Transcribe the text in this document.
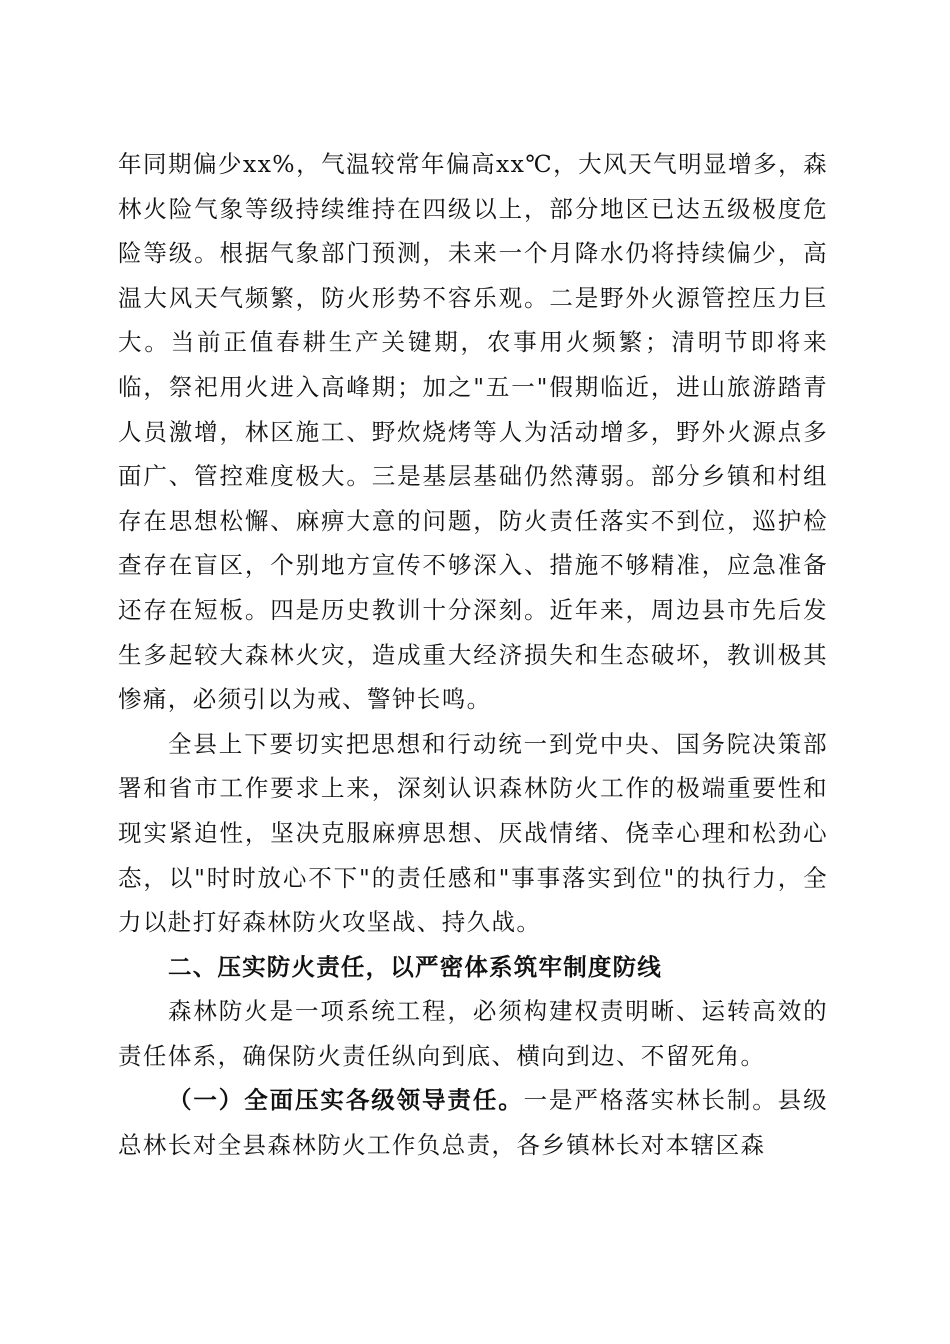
年同期偏少xx%，气温较常年偏高xx℃，大风天气明显增多，森林火险气象等级持续维持在四级以上，部分地区已达五级极度危险等级。根据气象部门预测，未来一个月降水仍将持续偏少，高温大风天气频繁，防火形势不容乐观。二是野外火源管控压力巨大。当前正值春耕生产关键期，农事用火频繁；清明节即将来临，祭祀用火进入高峰期；加之"五一"假期临近，进山旅游踏青人员激增，林区施工、野炊烧烤等人为活动增多，野外火源点多面广、管控难度极大。三是基层基础仍然薄弱。部分乡镇和村组存在思想松懈、麻痹大意的问题，防火责任落实不到位，巡护检查存在盲区，个别地方宣传不够深入、措施不够精准，应急准备还存在短板。四是历史教训十分深刻。近年来，周边县市先后发生多起较大森林火灾，造成重大经济损失和生态破坏，教训极其惨痛，必须引以为戒、警钟长鸣。

全县上下要切实把思想和行动统一到党中央、国务院决策部署和省市工作要求上来，深刻认识森林防火工作的极端重要性和现实紧迫性，坚决克服麻痹思想、厌战情绪、侥幸心理和松劲心态，以"时时放心不下"的责任感和"事事落实到位"的执行力，全力以赴打好森林防火攻坚战、持久战。

二、压实防火责任，以严密体系筑牢制度防线

森林防火是一项系统工程，必须构建权责明晰、运转高效的责任体系，确保防火责任纵向到底、横向到边、不留死角。

（一）全面压实各级领导责任。一是严格落实林长制。县级总林长对全县森林防火工作负总责，各乡镇林长对本辖区森
